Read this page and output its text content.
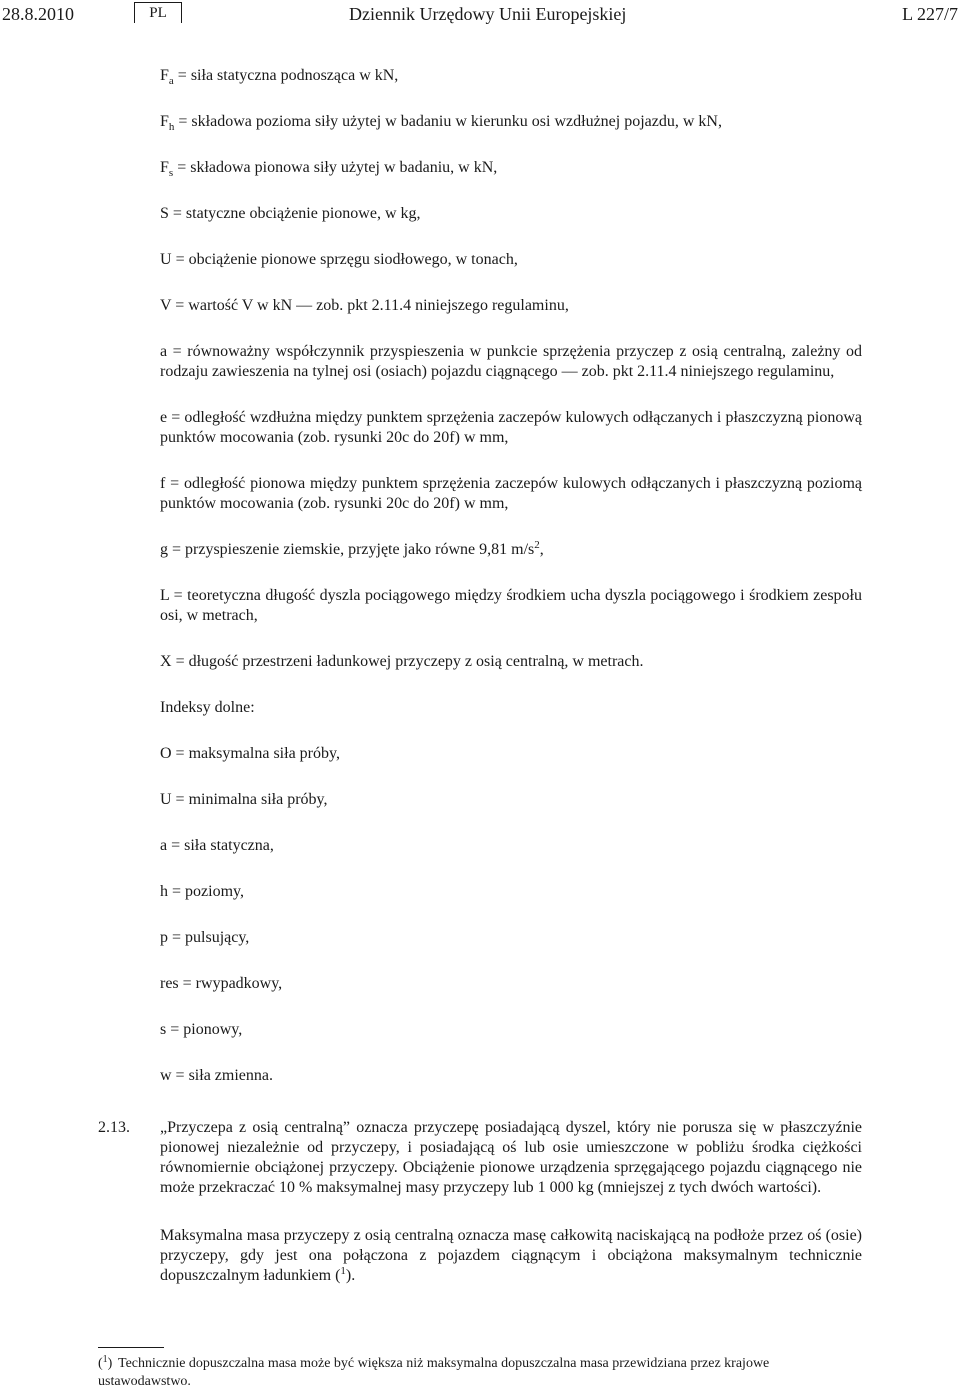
28.8.2010	PL	Dziennik Urzędowy Unii Europejskiej	L 227/7

$F_a$ = siła statyczna podnosząca w kN,

$F_h$ = składowa pozioma siły użytej w badaniu w kierunku osi wzdłużnej pojazdu, w kN,

$F_s$ = składowa pionowa siły użytej w badaniu, w kN,

S = statyczne obciążenie pionowe, w kg,

U = obciążenie pionowe sprzęgu siodłowego, w tonach,

V = wartość V w kN — zob. pkt 2.11.4 niniejszego regulaminu,

a = równoważny współczynnik przyspieszenia w punkcie sprzężenia przyczep z osią centralną, zależny od rodzaju zawieszenia na tylnej osi (osiach) pojazdu ciągnącego — zob. pkt 2.11.4 niniejszego regulaminu,

e = odległość wzdłużna między punktem sprzężenia zaczepów kulowych odłączanych i płaszczyzną pionową punktów mocowania (zob. rysunki 20c do 20f) w mm,

f = odległość pionowa między punktem sprzężenia zaczepów kulowych odłączanych i płaszczyzną poziomą punktów mocowania (zob. rysunki 20c do 20f) w mm,

g = przyspieszenie ziemskie, przyjęte jako równe 9,81 $m/s^2$,

L = teoretyczna długość dyszla pociągowego między środkiem ucha dyszla pociągowego i środkiem zespołu osi, w metrach,

X = długość przestrzeni ładunkowej przyczepy z osią centralną, w metrach.

Indeksy dolne:

O = maksymalna siła próby,

U = minimalna siła próby,

a = siła statyczna,

h = poziomy,

p = pulsujący,

res = rwypadkowy,

s = pionowy,

w = siła zmienna.

2.13. „Przyczepa z osią centralną” oznacza przyczepę posiadającą dyszel, który nie porusza się w płaszczyźnie pionowej niezależnie od przyczepy, i posiadającą oś lub osie umieszczone w pobliżu środka ciężkości równomiernie obciążonej przyczepy. Obciążenie pionowe urządzenia sprzęgającego pojazdu ciągnącego nie może przekraczać 10 % maksymalnej masy przyczepy lub 1 000 kg (mniejszej z tych dwóch wartości).

Maksymalna masa przyczepy z osią centralną oznacza masę całkowitą naciskającą na podłoże przez oś (osie) przyczepy, gdy jest ona połączona z pojazdem ciągnącym i obciążona maksymalnym technicznie dopuszczalnym ładunkiem ($^1$).

($^1$) Technicznie dopuszczalna masa może być większa niż maksymalna dopuszczalna masa przewidziana przez krajowe ustawodawstwo.
